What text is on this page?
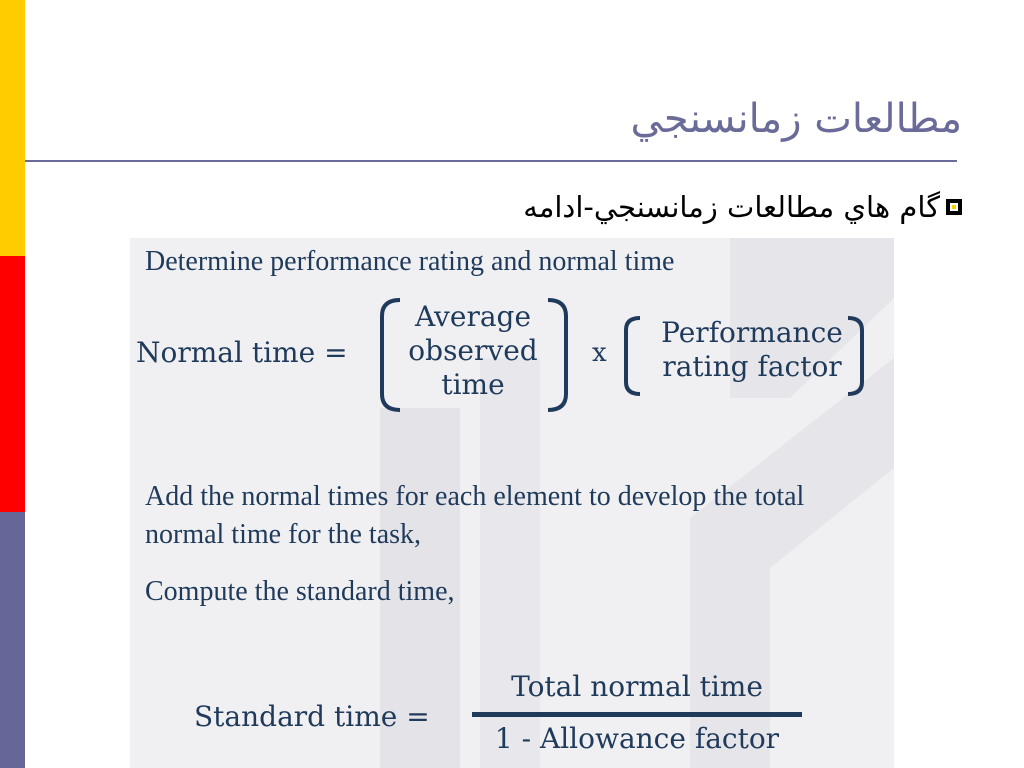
مطالعات زمانسنجي
گام هاي مطالعات زمانسنجي-ادامه
Determine performance rating and normal time
Normal time =
Average
observed
time
x
Performance
rating factor
Add the normal times for each element to develop the total normal time for the task,
Compute the standard time,
Standard time =
Total normal time
1 - Allowance factor
